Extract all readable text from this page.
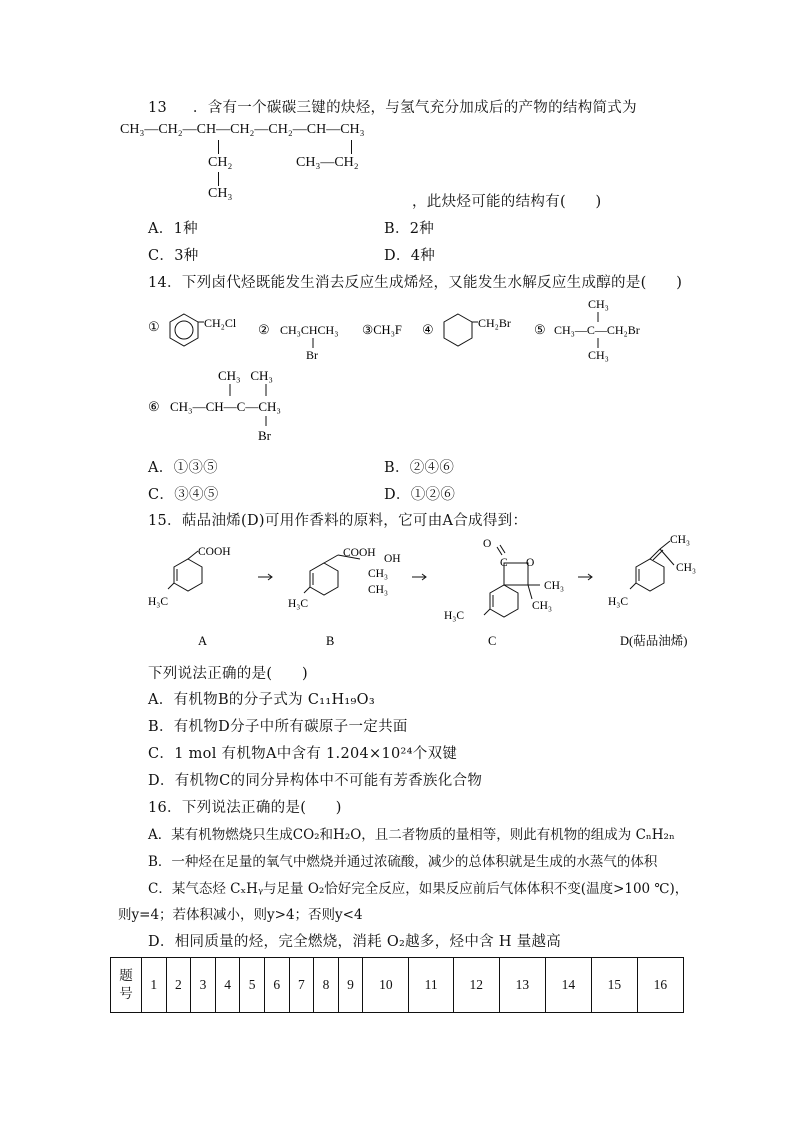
13 ．含有一个碳碳三键的炔烃，与氢气充分加成后的产物的结构简式为
CH₃—CH₂—CH—CH₂—CH₂—CH—CH₃
CH₂
CH₃
CH₃—CH₂
，此炔烃可能的结构有(　　)
A．1种	B．2种
C．3种	D．4种
14．下列卤代烃既能发生消去反应生成烯烃，又能发生水解反应生成醇的是(　　)
①	CH₂Cl ② CH₃CHCH₃
Br
③CH₃F ④	CH₂Br ⑤
CH₃
CH₃—C—CH₂Br
CH₃
⑥
CH₃   CH₃
CH₃—CH—C—CH₃
Br
A．①③⑤	B．②④⑥
C．③④⑤	D．①②⑥
15．萜品油烯(D)可用作香料的原料，它可由A合成得到：
COOH
H₃C
COOH OH
CH₃
CH₃
H₃C
O
C O
CH₃
CH₃
H₃C
CH₃
CH₃
H₃C
A	B	C	D(萜品油烯)
下列说法正确的是(　　)
A．有机物B的分子式为 C₁₁H₁₉O₃
B．有机物D分子中所有碳原子一定共面
C．1 mol 有机物A中含有 1.204×10²⁴个双键
D．有机物C的同分异构体中不可能有芳香族化合物
16．下列说法正确的是(　　)
A．某有机物燃烧只生成CO₂和H₂O，且二者物质的量相等，则此有机物的组成为 CₙH₂ₙ
B．一种烃在足量的氧气中燃烧并通过浓硫酸，减少的总体积就是生成的水蒸气的体积
C．某气态烃 CₓHᵧ与足量 O₂恰好完全反应，如果反应前后气体体积不变(温度>100 ℃)，
则y=4；若体积减小，则y>4；否则y<4
D．相同质量的烃，完全燃烧，消耗 O₂越多，烃中含 H 量越高
题
号	1	2	3	4	5	6	7	8	9	10	11	12	13	14	15	16
